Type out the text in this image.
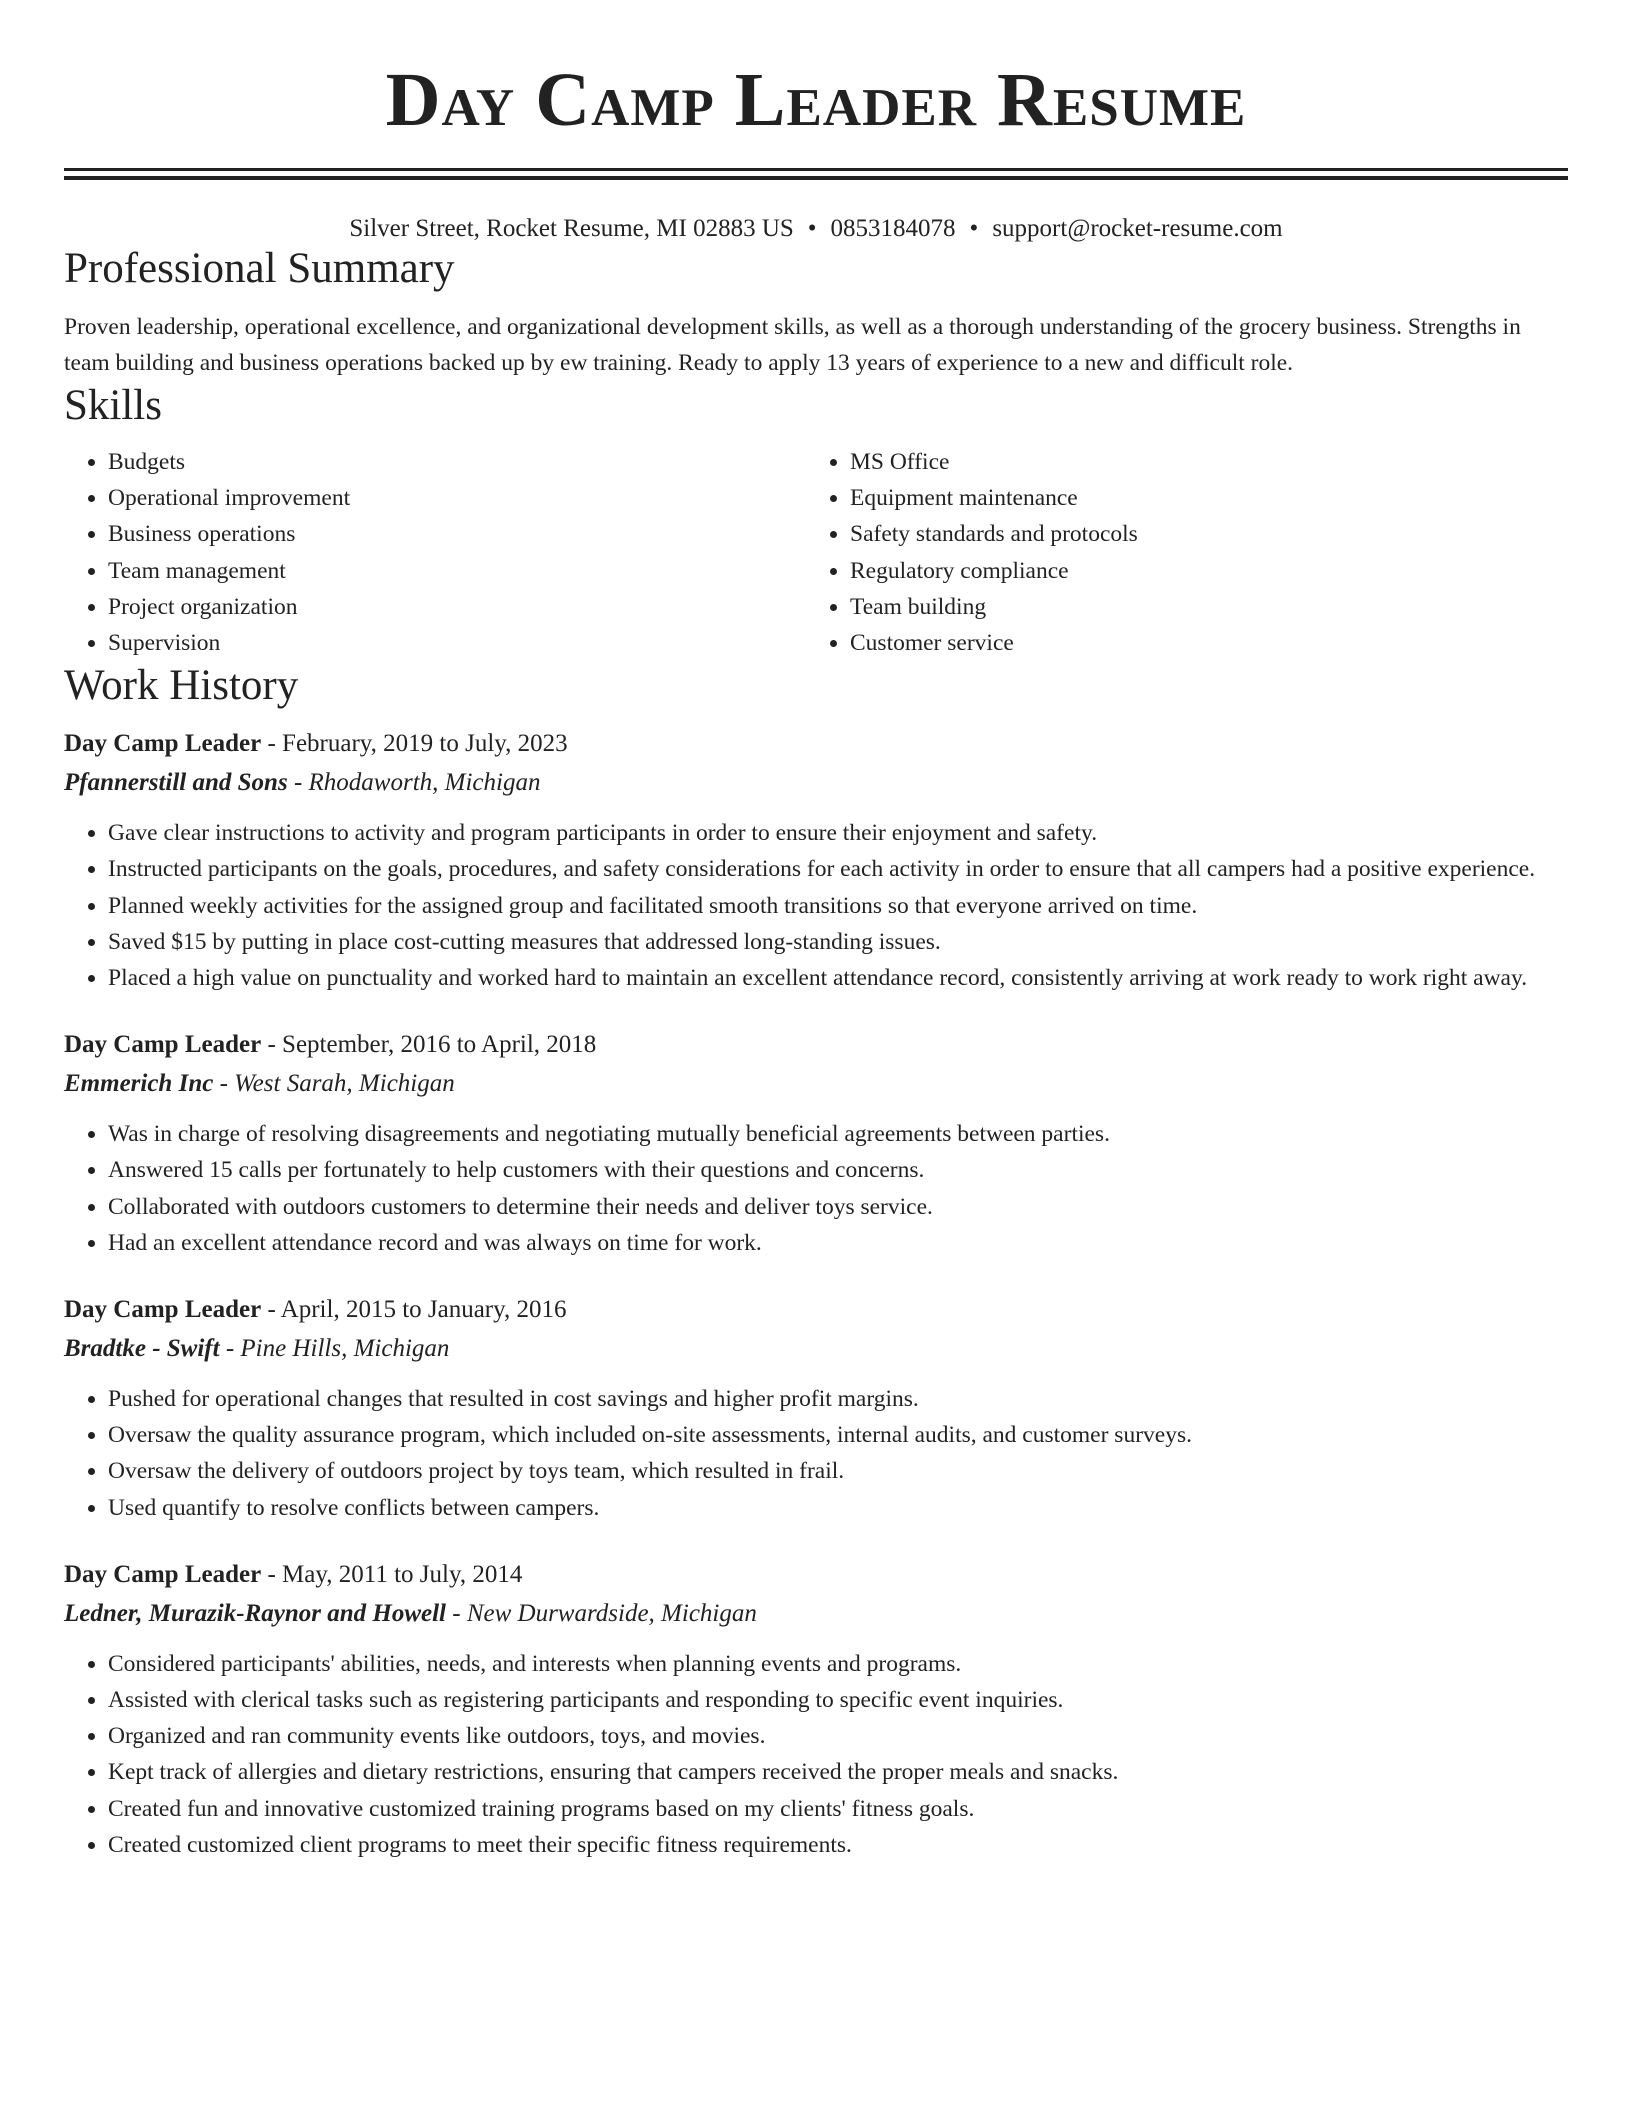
Day Camp Leader Resume
Silver Street, Rocket Resume, MI 02883 US • 0853184078 • support@rocket-resume.com
Professional Summary

Proven leadership, operational excellence, and organizational development skills, as well as a thorough understanding of the grocery business. Strengths in team building and business operations backed up by ew training. Ready to apply 13 years of experience to a new and difficult role.

Skills
• Budgets
• Operational improvement
• Business operations
• Team management
• Project organization
• Supervision
• MS Office
• Equipment maintenance
• Safety standards and protocols
• Regulatory compliance
• Team building
• Customer service
Work History
Day Camp Leader - February, 2019 to July, 2023
Pfannerstill and Sons - Rhodaworth, Michigan
• Gave clear instructions to activity and program participants in order to ensure their enjoyment and safety.
• Instructed participants on the goals, procedures, and safety considerations for each activity in order to ensure that all campers had a positive experience.
• Planned weekly activities for the assigned group and facilitated smooth transitions so that everyone arrived on time.
• Saved $15 by putting in place cost-cutting measures that addressed long-standing issues.
• Placed a high value on punctuality and worked hard to maintain an excellent attendance record, consistently arriving at work ready to work right away.
Day Camp Leader - September, 2016 to April, 2018
Emmerich Inc - West Sarah, Michigan
• Was in charge of resolving disagreements and negotiating mutually beneficial agreements between parties.
• Answered 15 calls per fortunately to help customers with their questions and concerns.
• Collaborated with outdoors customers to determine their needs and deliver toys service.
• Had an excellent attendance record and was always on time for work.
Day Camp Leader - April, 2015 to January, 2016
Bradtke - Swift - Pine Hills, Michigan
• Pushed for operational changes that resulted in cost savings and higher profit margins.
• Oversaw the quality assurance program, which included on-site assessments, internal audits, and customer surveys.
• Oversaw the delivery of outdoors project by toys team, which resulted in frail.
• Used quantify to resolve conflicts between campers.
Day Camp Leader - May, 2011 to July, 2014
Ledner, Murazik-Raynor and Howell - New Durwardside, Michigan
• Considered participants' abilities, needs, and interests when planning events and programs.
• Assisted with clerical tasks such as registering participants and responding to specific event inquiries.
• Organized and ran community events like outdoors, toys, and movies.
• Kept track of allergies and dietary restrictions, ensuring that campers received the proper meals and snacks.
• Created fun and innovative customized training programs based on my clients' fitness goals.
• Created customized client programs to meet their specific fitness requirements.
